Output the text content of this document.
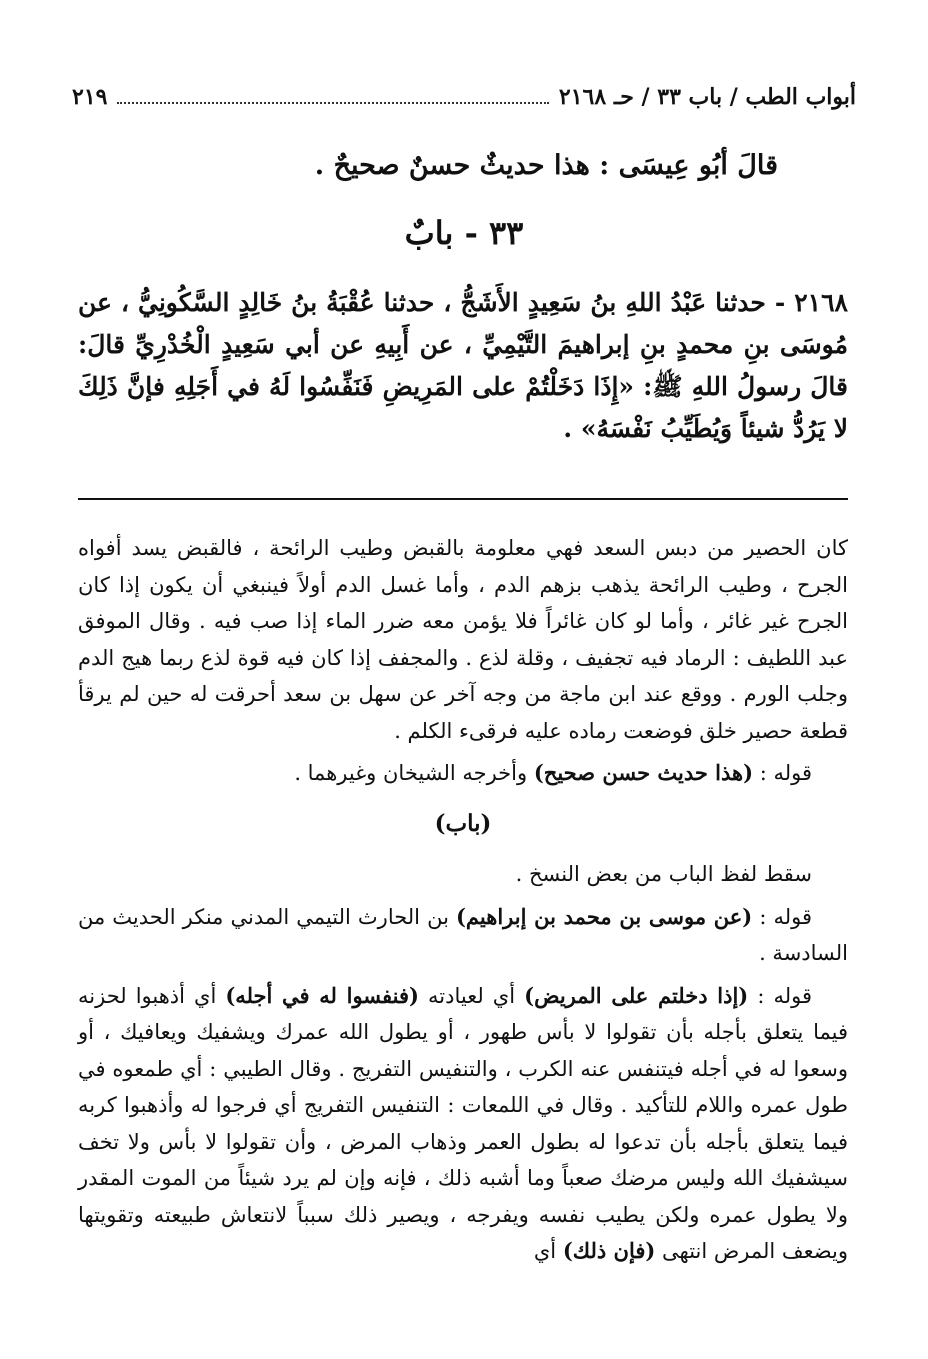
٢١٩	أبواب الطب / باب ٣٣ / حـ ٢١٦٨
قالَ أبُو عِيسَى : هذا حديثٌ حسنٌ صحيحٌ .
٣٣ - بابٌ
٢١٦٨ - حدثنا عَبْدُ اللهِ بنُ سَعِيدٍ الأَشَجُّ ، حدثنا عُقْبَةُ بنُ خَالِدٍ السَّكُونِيُّ ، عن مُوسَى بنِ محمدٍ بنِ إبراهيمَ التَّيْمِيِّ ، عن أَبِيهِ عن أبي سَعِيدٍ الْخُدْرِيِّ قالَ: قالَ رسولُ اللهِ ﷺ: «إِذَا دَخَلْتُمْ على المَرِيضِ فَنَفِّسُوا لَهُ في أَجَلِهِ فإنَّ ذَلِكَ لا يَرُدُّ شيئاً وَيُطَيِّبُ نَفْسَهُ» .

كان الحصير من دبس السعد فهي معلومة بالقبض وطيب الرائحة ، فالقبض يسد أفواه الجرح ، وطيب الرائحة يذهب بزهم الدم ، وأما غسل الدم أولاً فينبغي أن يكون إذا كان الجرح غير غائر ، وأما لو كان غائراً فلا يؤمن معه ضرر الماء إذا صب فيه . وقال الموفق عبد اللطيف : الرماد فيه تجفيف ، وقلة لذع . والمجفف إذا كان فيه قوة لذع ربما هيج الدم وجلب الورم . ووقع عند ابن ماجة من وجه آخر عن سهل بن سعد أحرقت له حين لم يرقأ قطعة حصير خلق فوضعت رماده عليه فرقىء الكلم .

قوله : (هذا حديث حسن صحيح) وأخرجه الشيخان وغيرهما .

(باب)

سقط لفظ الباب من بعض النسخ .

قوله : (عن موسى بن محمد بن إبراهيم) بن الحارث التيمي المدني منكر الحديث من السادسة .

قوله : (إذا دخلتم على المريض) أي لعيادته (فنفسوا له في أجله) أي أذهبوا لحزنه فيما يتعلق بأجله بأن تقولوا لا بأس طهور ، أو يطول الله عمرك ويشفيك ويعافيك ، أو وسعوا له في أجله فيتنفس عنه الكرب ، والتنفيس التفريج . وقال الطيبي : أي طمعوه في طول عمره واللام للتأكيد . وقال في اللمعات : التنفيس التفريج أي فرجوا له وأذهبوا كربه فيما يتعلق بأجله بأن تدعوا له بطول العمر وذهاب المرض ، وأن تقولوا لا بأس ولا تخف سيشفيك الله وليس مرضك صعباً وما أشبه ذلك ، فإنه وإن لم يرد شيئاً من الموت المقدر ولا يطول عمره ولكن يطيب نفسه ويفرجه ، ويصير ذلك سبباً لانتعاش طبيعته وتقويتها ويضعف المرض انتهى (فإن ذلك) أي
